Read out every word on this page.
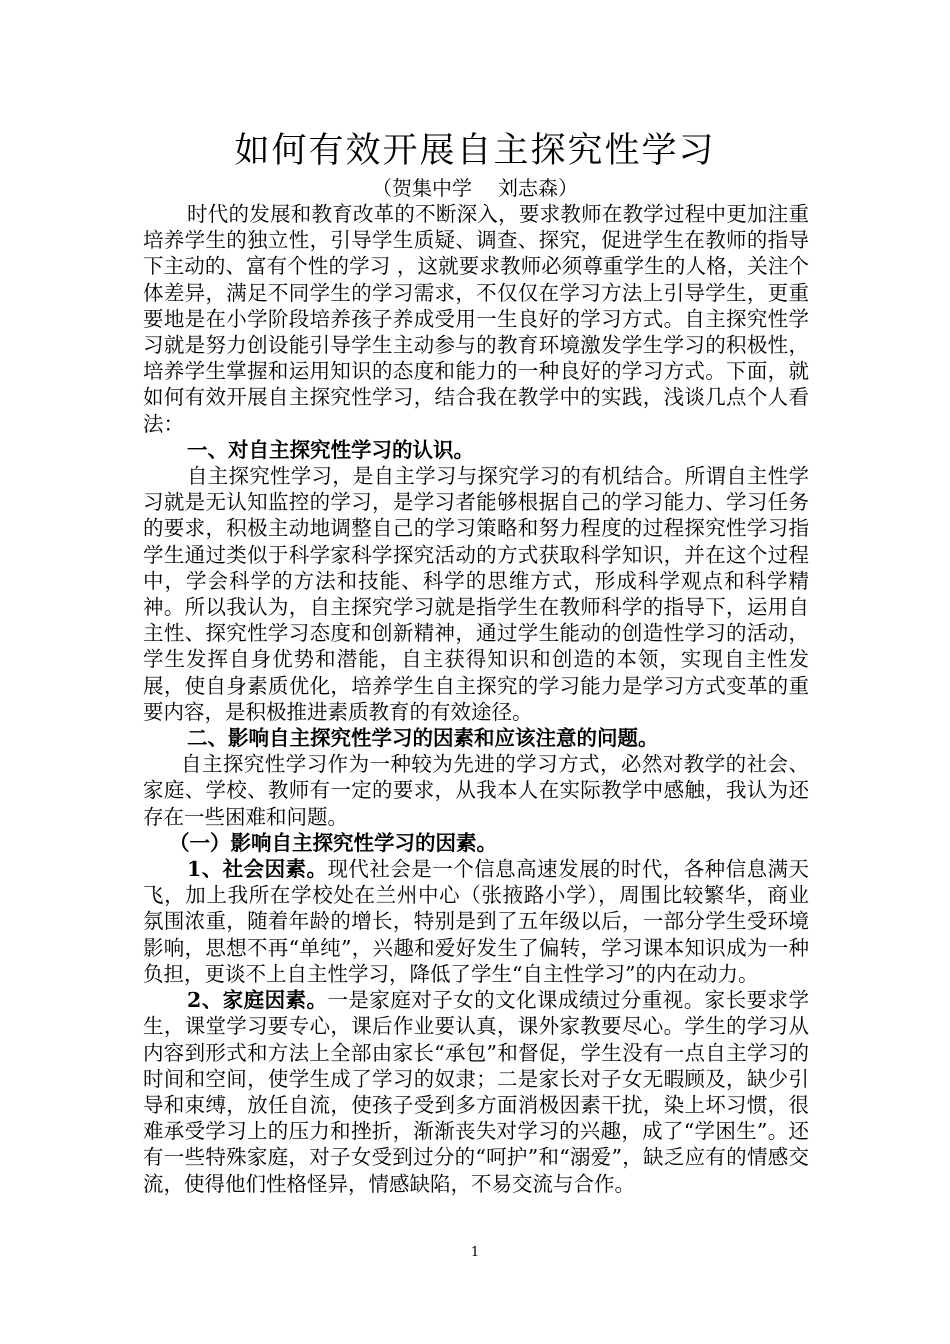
如何有效开展自主探究性学习
（贺集中学 刘志森）

时代的发展和教育改革的不断深入，要求教师在教学过程中更加注重培养学生的独立性，引导学生质疑、调查、探究，促进学生在教师的指导下主动的、富有个性的学习 ，这就要求教师必须尊重学生的人格，关注个体差异，满足不同学生的学习需求，不仅仅在学习方法上引导学生，更重要地是在小学阶段培养孩子养成受用一生良好的学习方式。自主探究性学习就是努力创设能引导学生主动参与的教育环境激发学生学习的积极性，培养学生掌握和运用知识的态度和能力的一种良好的学习方式。下面，就如何有效开展自主探究性学习，结合我在教学中的实践，浅谈几点个人看法：

一、对自主探究性学习的认识。

自主探究性学习，是自主学习与探究学习的有机结合。所谓自主性学习就是无认知监控的学习，是学习者能够根据自己的学习能力、学习任务的要求，积极主动地调整自己的学习策略和努力程度的过程探究性学习指学生通过类似于科学家科学探究活动的方式获取科学知识，并在这个过程中，学会科学的方法和技能、科学的思维方式，形成科学观点和科学精神。所以我认为，自主探究学习就是指学生在教师科学的指导下，运用自主性、探究性学习态度和创新精神，通过学生能动的创造性学习的活动，学生发挥自身优势和潜能，自主获得知识和创造的本领，实现自主性发展，使自身素质优化，培养学生自主探究的学习能力是学习方式变革的重要内容，是积极推进素质教育的有效途径。

二、影响自主探究性学习的因素和应该注意的问题。

自主探究性学习作为一种较为先进的学习方式，必然对教学的社会、家庭、学校、教师有一定的要求，从我本人在实际教学中感触，我认为还存在一些困难和问题。

（一）影响自主探究性学习的因素。

1、社会因素。现代社会是一个信息高速发展的时代，各种信息满天飞，加上我所在学校处在兰州中心（张掖路小学），周围比较繁华，商业氛围浓重，随着年龄的增长，特别是到了五年级以后，一部分学生受环境影响，思想不再“单纯”，兴趣和爱好发生了偏转，学习课本知识成为一种负担，更谈不上自主性学习，降低了学生“自主性学习”的内在动力。

2、家庭因素。一是家庭对子女的文化课成绩过分重视。家长要求学生，课堂学习要专心，课后作业要认真，课外家教要尽心。学生的学习从内容到形式和方法上全部由家长“承包”和督促，学生没有一点自主学习的时间和空间，使学生成了学习的奴隶；二是家长对子女无暇顾及，缺少引导和束缚，放任自流，使孩子受到多方面消极因素干扰，染上坏习惯，很难承受学习上的压力和挫折，渐渐丧失对学习的兴趣，成了“学困生”。还有一些特殊家庭，对子女受到过分的“呵护”和“溺爱”，缺乏应有的情感交流，使得他们性格怪异，情感缺陷，不易交流与合作。

1
